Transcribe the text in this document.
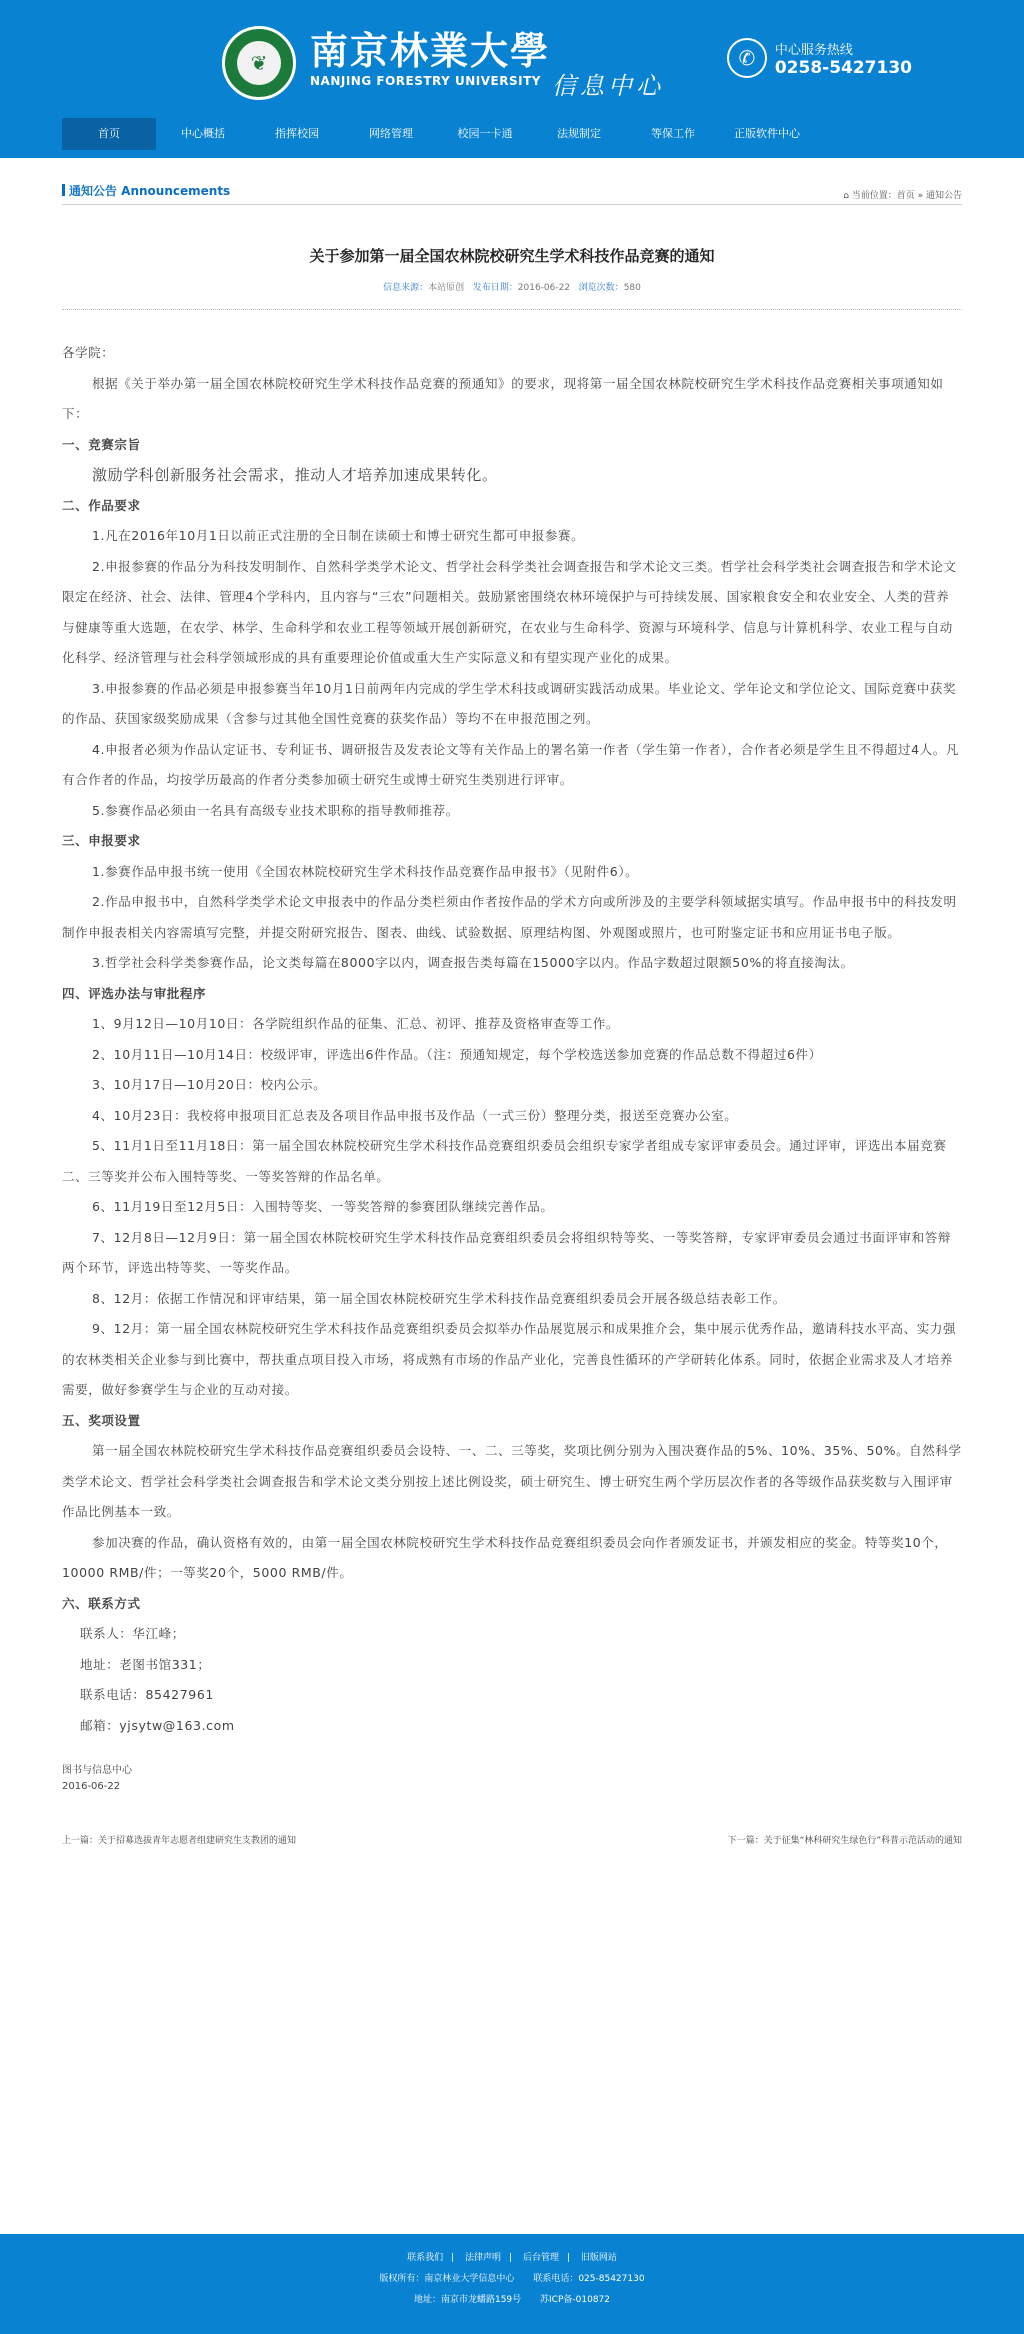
❦	南京林業大學
NANJING FORESTRY UNIVERSITY 信息中心
✆	中心服务热线
0258-5427130
首页	中心概括	指挥校园	网络管理	校园一卡通	法规制定	等保工作	正版软件中心
通知公告 Announcements	⌂ 当前位置：首页 » 通知公告
关于参加第一届全国农林院校研究生学术科技作品竞赛的通知
信息来源：本站原创 发布日期：2016-06-22 浏览次数：580

各学院：

根据《关于举办第一届全国农林院校研究生学术科技作品竞赛的预通知》的要求，现将第一届全国农林院校研究生学术科技作品竞赛相关事项通知如下：

一、竞赛宗旨

激励学科创新服务社会需求，推动人才培养加速成果转化。

二、作品要求

1.凡在2016年10月1日以前正式注册的全日制在读硕士和博士研究生都可申报参赛。

2.申报参赛的作品分为科技发明制作、自然科学类学术论文、哲学社会科学类社会调查报告和学术论文三类。哲学社会科学类社会调查报告和学术论文限定在经济、社会、法律、管理4个学科内，且内容与“三农”问题相关。鼓励紧密围绕农林环境保护与可持续发展、国家粮食安全和农业安全、人类的营养与健康等重大选题，在农学、林学、生命科学和农业工程等领域开展创新研究，在农业与生命科学、资源与环境科学、信息与计算机科学、农业工程与自动化科学、经济管理与社会科学领域形成的具有重要理论价值或重大生产实际意义和有望实现产业化的成果。

3.申报参赛的作品必须是申报参赛当年10月1日前两年内完成的学生学术科技或调研实践活动成果。毕业论文、学年论文和学位论文、国际竞赛中获奖的作品、获国家级奖励成果（含参与过其他全国性竞赛的获奖作品）等均不在申报范围之列。

4.申报者必须为作品认定证书、专利证书、调研报告及发表论文等有关作品上的署名第一作者（学生第一作者），合作者必须是学生且不得超过4人。凡有合作者的作品，均按学历最高的作者分类参加硕士研究生或博士研究生类别进行评审。

5.参赛作品必须由一名具有高级专业技术职称的指导教师推荐。

三、申报要求

1.参赛作品申报书统一使用《全国农林院校研究生学术科技作品竞赛作品申报书》（见附件6）。

2.作品申报书中，自然科学类学术论文申报表中的作品分类栏须由作者按作品的学术方向或所涉及的主要学科领域据实填写。作品申报书中的科技发明制作申报表相关内容需填写完整，并提交附研究报告、图表、曲线、试验数据、原理结构图、外观图或照片，也可附鉴定证书和应用证书电子版。

3.哲学社会科学类参赛作品，论文类每篇在8000字以内，调查报告类每篇在15000字以内。作品字数超过限额50%的将直接淘汰。

四、评选办法与审批程序

1、9月12日—10月10日：各学院组织作品的征集、汇总、初评、推荐及资格审查等工作。

2、10月11日—10月14日：校级评审，评选出6件作品。（注：预通知规定，每个学校选送参加竞赛的作品总数不得超过6件）

3、10月17日—10月20日：校内公示。

4、10月23日：我校将申报项目汇总表及各项目作品申报书及作品（一式三份）整理分类，报送至竞赛办公室。

5、11月1日至11月18日：第一届全国农林院校研究生学术科技作品竞赛组织委员会组织专家学者组成专家评审委员会。通过评审，评选出本届竞赛二、三等奖并公布入围特等奖、一等奖答辩的作品名单。

6、11月19日至12月5日：入围特等奖、一等奖答辩的参赛团队继续完善作品。

7、12月8日—12月9日：第一届全国农林院校研究生学术科技作品竞赛组织委员会将组织特等奖、一等奖答辩，专家评审委员会通过书面评审和答辩两个环节，评选出特等奖、一等奖作品。

8、12月：依据工作情况和评审结果，第一届全国农林院校研究生学术科技作品竞赛组织委员会开展各级总结表彰工作。

9、12月：第一届全国农林院校研究生学术科技作品竞赛组织委员会拟举办作品展览展示和成果推介会，集中展示优秀作品，邀请科技水平高、实力强的农林类相关企业参与到比赛中，帮扶重点项目投入市场，将成熟有市场的作品产业化，完善良性循环的产学研转化体系。同时，依据企业需求及人才培养需要，做好参赛学生与企业的互动对接。

五、奖项设置

第一届全国农林院校研究生学术科技作品竞赛组织委员会设特、一、二、三等奖，奖项比例分别为入围决赛作品的5%、10%、35%、50%。自然科学类学术论文、哲学社会科学类社会调查报告和学术论文类分别按上述比例设奖，硕士研究生、博士研究生两个学历层次作者的各等级作品获奖数与入围评审作品比例基本一致。

参加决赛的作品，确认资格有效的，由第一届全国农林院校研究生学术科技作品竞赛组织委员会向作者颁发证书，并颁发相应的奖金。特等奖10个，10000 RMB/件；一等奖20个，5000 RMB/件。

六、联系方式

联系人：华江峰；

地址：老图书馆331；

联系电话：85427961

邮箱：yjsytw@163.com

图书与信息中心
2016-06-22
上一篇：关于招募选拔青年志愿者组建研究生支教团的通知	下一篇：关于征集“林科研究生绿色行”科普示范活动的通知
联系我们 | 法律声明 | 后台管理 | 旧版网站
版权所有：南京林业大学信息中心 联系电话：025-85427130
地址：南京市龙蟠路159号 苏ICP备-010872
